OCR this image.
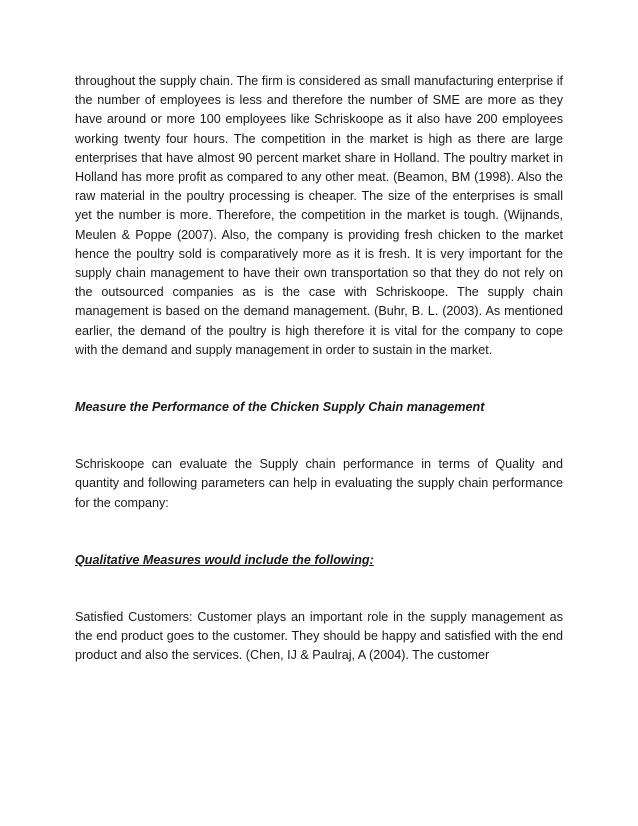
throughout the supply chain. The firm is considered as small manufacturing enterprise if the number of employees is less and therefore the number of SME are more as they have around or more 100 employees like Schriskoope as it also have 200 employees working twenty four hours. The competition in the market is high as there are large enterprises that have almost 90 percent market share in Holland. The poultry market in Holland has more profit as compared to any other meat. (Beamon, BM (1998). Also the raw material in the poultry processing is cheaper. The size of the enterprises is small yet the number is more. Therefore, the competition in the market is tough. (Wijnands, Meulen & Poppe (2007). Also, the company is providing fresh chicken to the market hence the poultry sold is comparatively more as it is fresh. It is very important for the supply chain management to have their own transportation so that they do not rely on the outsourced companies as is the case with Schriskoope. The supply chain management is based on the demand management. (Buhr, B. L. (2003). As mentioned earlier, the demand of the poultry is high therefore it is vital for the company to cope with the demand and supply management in order to sustain in the market.

Measure the Performance of the Chicken Supply Chain management

Schriskoope can evaluate the Supply chain performance in terms of Quality and quantity and following parameters can help in evaluating the supply chain performance for the company:

Qualitative Measures would include the following:

Satisfied Customers: Customer plays an important role in the supply management as the end product goes to the customer. They should be happy and satisfied with the end product and also the services. (Chen, IJ & Paulraj, A (2004). The customer
